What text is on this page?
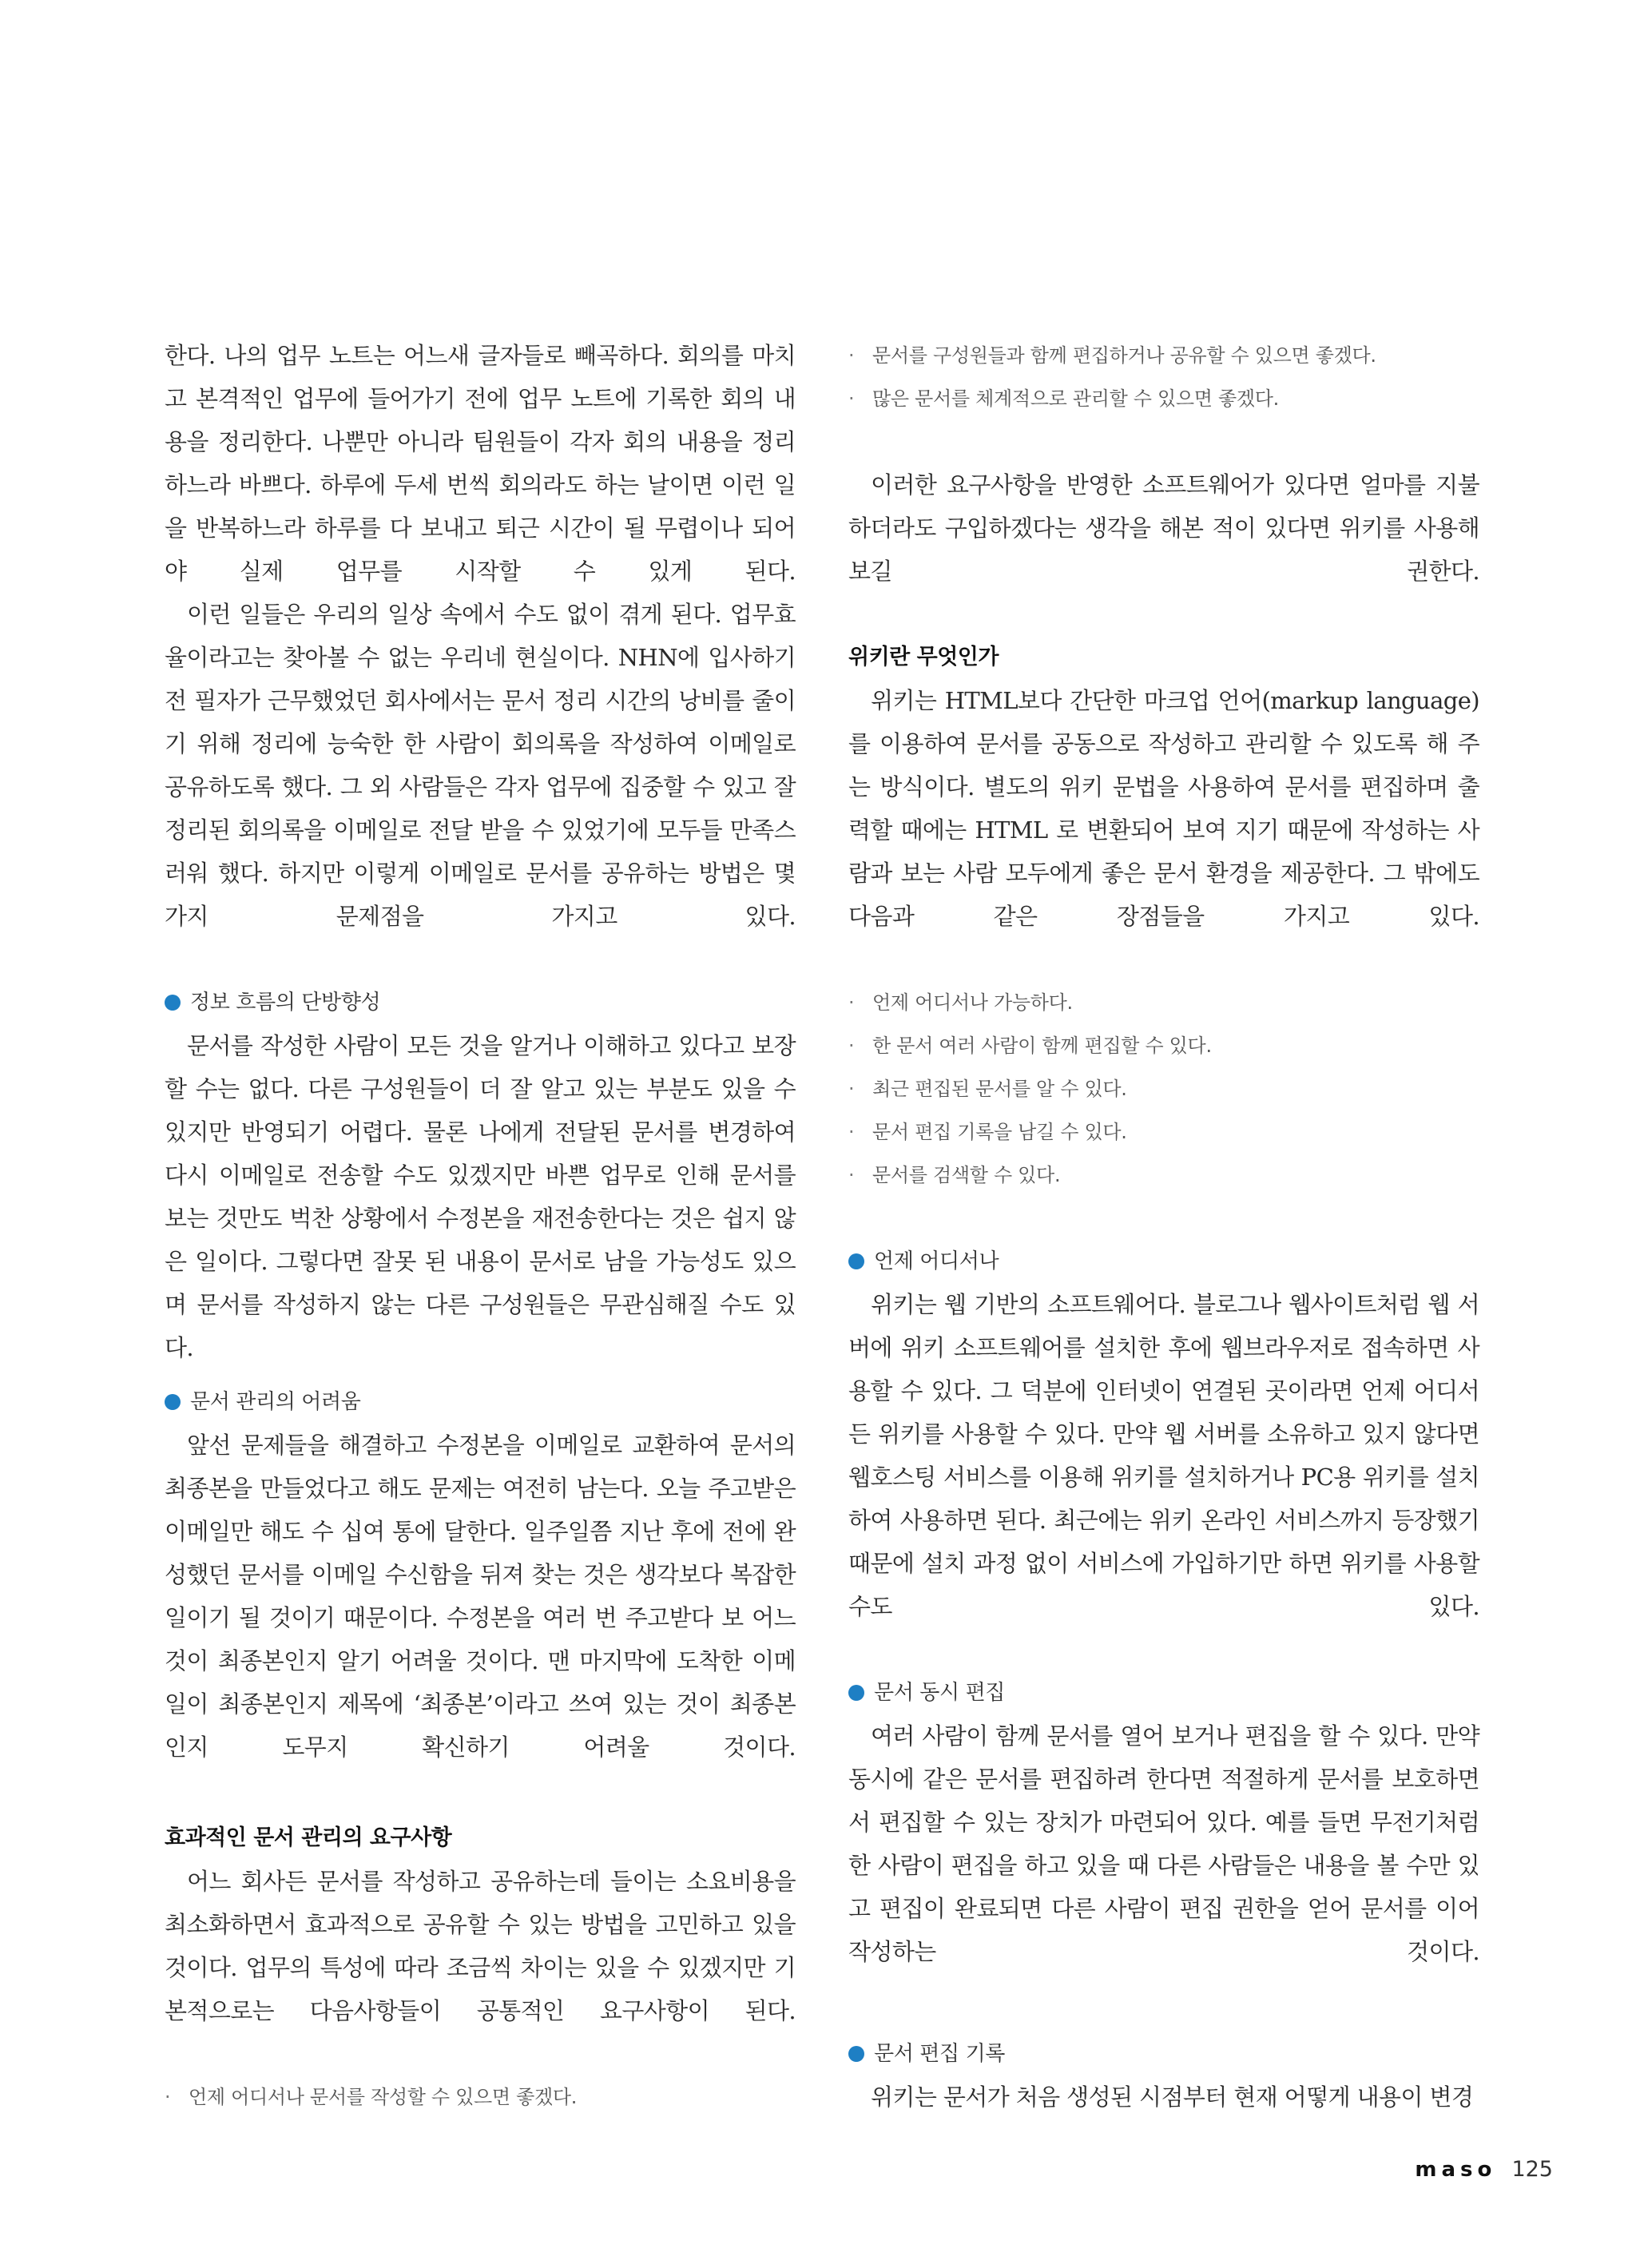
한다. 나의 업무 노트는 어느새 글자들로 빼곡하다. 회의를 마치고 본격적인 업무에 들어가기 전에 업무 노트에 기록한 회의 내용을 정리한다. 나뿐만 아니라 팀원들이 각자 회의 내용을 정리하느라 바쁘다. 하루에 두세 번씩 회의라도 하는 날이면 이런 일을 반복하느라 하루를 다 보내고 퇴근 시간이 될 무렵이나 되어야 실제 업무를 시작할 수 있게 된다.

이런 일들은 우리의 일상 속에서 수도 없이 겪게 된다. 업무효율이라고는 찾아볼 수 없는 우리네 현실이다. NHN에 입사하기 전 필자가 근무했었던 회사에서는 문서 정리 시간의 낭비를 줄이기 위해 정리에 능숙한 한 사람이 회의록을 작성하여 이메일로 공유하도록 했다. 그 외 사람들은 각자 업무에 집중할 수 있고 잘 정리된 회의록을 이메일로 전달 받을 수 있었기에 모두들 만족스러워 했다. 하지만 이렇게 이메일로 문서를 공유하는 방법은 몇 가지 문제점을 가지고 있다.

정보 흐름의 단방향성

문서를 작성한 사람이 모든 것을 알거나 이해하고 있다고 보장할 수는 없다. 다른 구성원들이 더 잘 알고 있는 부분도 있을 수 있지만 반영되기 어렵다. 물론 나에게 전달된 문서를 변경하여 다시 이메일로 전송할 수도 있겠지만 바쁜 업무로 인해 문서를 보는 것만도 벅찬 상황에서 수정본을 재전송한다는 것은 쉽지 않은 일이다. 그렇다면 잘못 된 내용이 문서로 남을 가능성도 있으며 문서를 작성하지 않는 다른 구성원들은 무관심해질 수도 있다.

문서 관리의 어려움

앞선 문제들을 해결하고 수정본을 이메일로 교환하여 문서의 최종본을 만들었다고 해도 문제는 여전히 남는다. 오늘 주고받은 이메일만 해도 수 십여 통에 달한다. 일주일쯤 지난 후에 전에 완성했던 문서를 이메일 수신함을 뒤져 찾는 것은 생각보다 복잡한 일이기 될 것이기 때문이다. 수정본을 여러 번 주고받다 보 어느 것이 최종본인지 알기 어려울 것이다. 맨 마지막에 도착한 이메일이 최종본인지 제목에 ‘최종본’이라고 쓰여 있는 것이 최종본인지 도무지 확신하기 어려울 것이다.

효과적인 문서 관리의 요구사항

어느 회사든 문서를 작성하고 공유하는데 들이는 소요비용을 최소화하면서 효과적으로 공유할 수 있는 방법을 고민하고 있을 것이다. 업무의 특성에 따라 조금씩 차이는 있을 수 있겠지만 기본적으로는 다음사항들이 공통적인 요구사항이 된다.

· 언제 어디서나 문서를 작성할 수 있으면 좋겠다.
· 문서를 구성원들과 함께 편집하거나 공유할 수 있으면 좋겠다.
· 많은 문서를 체계적으로 관리할 수 있으면 좋겠다.

이러한 요구사항을 반영한 소프트웨어가 있다면 얼마를 지불하더라도 구입하겠다는 생각을 해본 적이 있다면 위키를 사용해 보길 권한다.

위키란 무엇인가

위키는 HTML보다 간단한 마크업 언어(markup language)를 이용하여 문서를 공동으로 작성하고 관리할 수 있도록 해 주는 방식이다. 별도의 위키 문법을 사용하여 문서를 편집하며 출력할 때에는 HTML 로 변환되어 보여 지기 때문에 작성하는 사람과 보는 사람 모두에게 좋은 문서 환경을 제공한다. 그 밖에도 다음과 같은 장점들을 가지고 있다.

· 언제 어디서나 가능하다.
· 한 문서 여러 사람이 함께 편집할 수 있다.
· 최근 편집된 문서를 알 수 있다.
· 문서 편집 기록을 남길 수 있다.
· 문서를 검색할 수 있다.
언제 어디서나

위키는 웹 기반의 소프트웨어다. 블로그나 웹사이트처럼 웹 서버에 위키 소프트웨어를 설치한 후에 웹브라우저로 접속하면 사용할 수 있다. 그 덕분에 인터넷이 연결된 곳이라면 언제 어디서든 위키를 사용할 수 있다. 만약 웹 서버를 소유하고 있지 않다면 웹호스팅 서비스를 이용해 위키를 설치하거나 PC용 위키를 설치하여 사용하면 된다. 최근에는 위키 온라인 서비스까지 등장했기 때문에 설치 과정 없이 서비스에 가입하기만 하면 위키를 사용할 수도 있다.

문서 동시 편집

여러 사람이 함께 문서를 열어 보거나 편집을 할 수 있다. 만약 동시에 같은 문서를 편집하려 한다면 적절하게 문서를 보호하면서 편집할 수 있는 장치가 마련되어 있다. 예를 들면 무전기처럼 한 사람이 편집을 하고 있을 때 다른 사람들은 내용을 볼 수만 있고 편집이 완료되면 다른 사람이 편집 권한을 얻어 문서를 이어 작성하는 것이다.

문서 편집 기록

위키는 문서가 처음 생성된 시점부터 현재 어떻게 내용이 변경

maso 125
